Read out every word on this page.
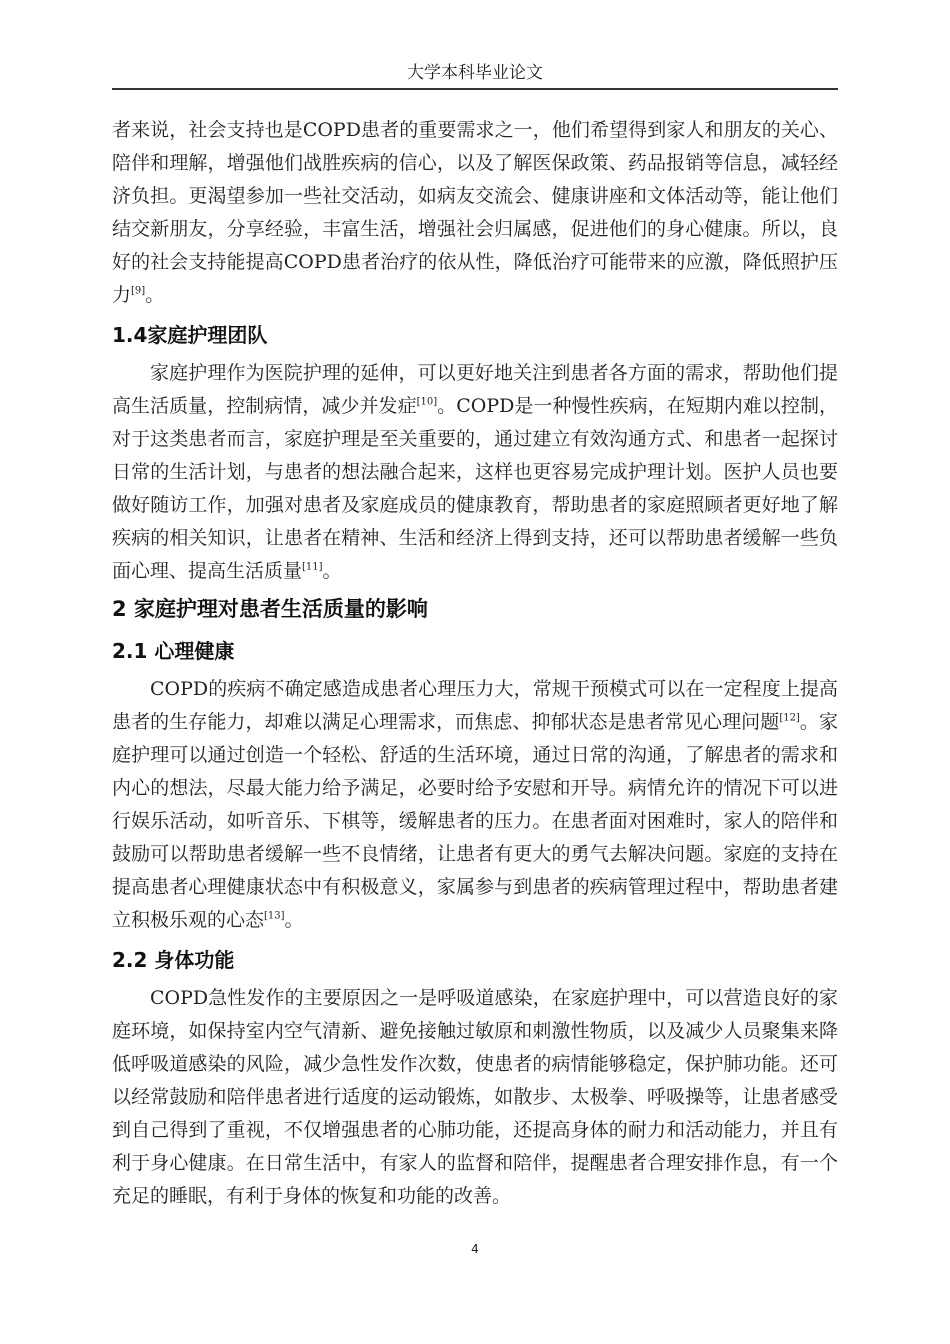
大学本科毕业论文

者来说，社会支持也是COPD患者的重要需求之一，他们希望得到家人和朋友的关心、陪伴和理解，增强他们战胜疾病的信心，以及了解医保政策、药品报销等信息，减轻经济负担。更渴望参加一些社交活动，如病友交流会、健康讲座和文体活动等，能让他们结交新朋友，分享经验，丰富生活，增强社会归属感，促进他们的身心健康。所以，良好的社会支持能提高COPD患者治疗的依从性，降低治疗可能带来的应激，降低照护压力[9]。

1.4家庭护理团队

家庭护理作为医院护理的延伸，可以更好地关注到患者各方面的需求，帮助他们提高生活质量，控制病情，减少并发症[10]。COPD是一种慢性疾病，在短期内难以控制，对于这类患者而言，家庭护理是至关重要的，通过建立有效沟通方式、和患者一起探讨日常的生活计划，与患者的想法融合起来，这样也更容易完成护理计划。医护人员也要做好随访工作，加强对患者及家庭成员的健康教育，帮助患者的家庭照顾者更好地了解疾病的相关知识，让患者在精神、生活和经济上得到支持，还可以帮助患者缓解一些负面心理、提高生活质量[11]。

2 家庭护理对患者生活质量的影响
2.1 心理健康

COPD的疾病不确定感造成患者心理压力大，常规干预模式可以在一定程度上提高患者的生存能力，却难以满足心理需求，而焦虑、抑郁状态是患者常见心理问题[12]。家庭护理可以通过创造一个轻松、舒适的生活环境，通过日常的沟通，了解患者的需求和内心的想法，尽最大能力给予满足，必要时给予安慰和开导。病情允许的情况下可以进行娱乐活动，如听音乐、下棋等，缓解患者的压力。在患者面对困难时，家人的陪伴和鼓励可以帮助患者缓解一些不良情绪，让患者有更大的勇气去解决问题。家庭的支持在提高患者心理健康状态中有积极意义，家属参与到患者的疾病管理过程中，帮助患者建立积极乐观的心态[13]。

2.2 身体功能

COPD急性发作的主要原因之一是呼吸道感染，在家庭护理中，可以营造良好的家庭环境，如保持室内空气清新、避免接触过敏原和刺激性物质，以及减少人员聚集来降低呼吸道感染的风险，减少急性发作次数，使患者的病情能够稳定，保护肺功能。还可以经常鼓励和陪伴患者进行适度的运动锻炼，如散步、太极拳、呼吸操等，让患者感受到自己得到了重视，不仅增强患者的心肺功能，还提高身体的耐力和活动能力，并且有利于身心健康。在日常生活中，有家人的监督和陪伴，提醒患者合理安排作息，有一个充足的睡眠，有利于身体的恢复和功能的改善。

4
